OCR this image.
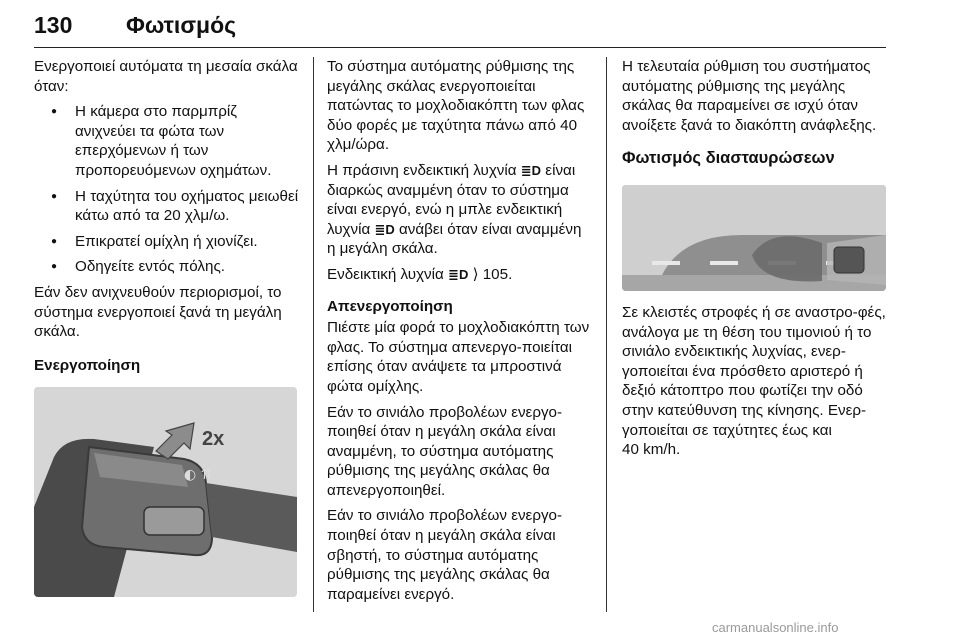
130 Φωτισμός

Ενεργοποιεί αυτόματα τη μεσαία σκάλα όταν:

● Η κάμερα στο παρμπρίζ ανιχνεύει τα φώτα των επερχόμενων ή των προπορευόμενων οχημάτων.
● Η ταχύτητα του οχήματος μειωθεί κάτω από τα 20 χλμ/ω.
● Επικρατεί ομίχλη ή χιονίζει.
● Οδηγείτε εντός πόλης.

Εάν δεν ανιχνευθούν περιορισμοί, το σύστημα ενεργοποιεί ξανά τη μεγάλη σκάλα.

Ενεργοποίηση
◐ ⇈
2x

Το σύστημα αυτόματης ρύθμισης της μεγάλης σκάλας ενεργοποιείται πατώντας το μοχλοδιακόπτη των φλας δύο φορές με ταχύτητα πάνω από 40 χλμ/ώρα.

Η πράσινη ενδεικτική λυχνία ≣D είναι διαρκώς αναμμένη όταν το σύστημα είναι ενεργό, ενώ η μπλε ενδεικτική λυχνία ≣D ανάβει όταν είναι αναμμένη η μεγάλη σκάλα.

Ενδεικτική λυχνία ≣D ⟩ 105.

Απενεργοποίηση

Πιέστε μία φορά το μοχλοδιακόπτη των φλας. Το σύστημα απενεργο-ποιείται επίσης όταν ανάψετε τα μπροστινά φώτα ομίχλης.

Εάν το σινιάλο προβολέων ενεργο-ποιηθεί όταν η μεγάλη σκάλα είναι αναμμένη, το σύστημα αυτόματης ρύθμισης της μεγάλης σκάλας θα απενεργοποιηθεί.

Εάν το σινιάλο προβολέων ενεργο-ποιηθεί όταν η μεγάλη σκάλα είναι σβηστή, το σύστημα αυτόματης ρύθμισης της μεγάλης σκάλας θα παραμείνει ενεργό.

Η τελευταία ρύθμιση του συστήματος αυτόματης ρύθμισης της μεγάλης σκάλας θα παραμείνει σε ισχύ όταν ανοίξετε ξανά το διακόπτη ανάφλεξης.

Φωτισμός διασταυρώσεων

Σε κλειστές στροφές ή σε αναστρο-φές, ανάλογα με τη θέση του τιμονιού ή το σινιάλο ενδεικτικής λυχνίας, ενερ-γοποιείται ένα πρόσθετο αριστερό ή δεξιό κάτοπτρο που φωτίζει την οδό στην κατεύθυνση της κίνησης. Ενερ-γοποιείται σε ταχύτητες έως και
40 km/h.

carmanualsonline.info
